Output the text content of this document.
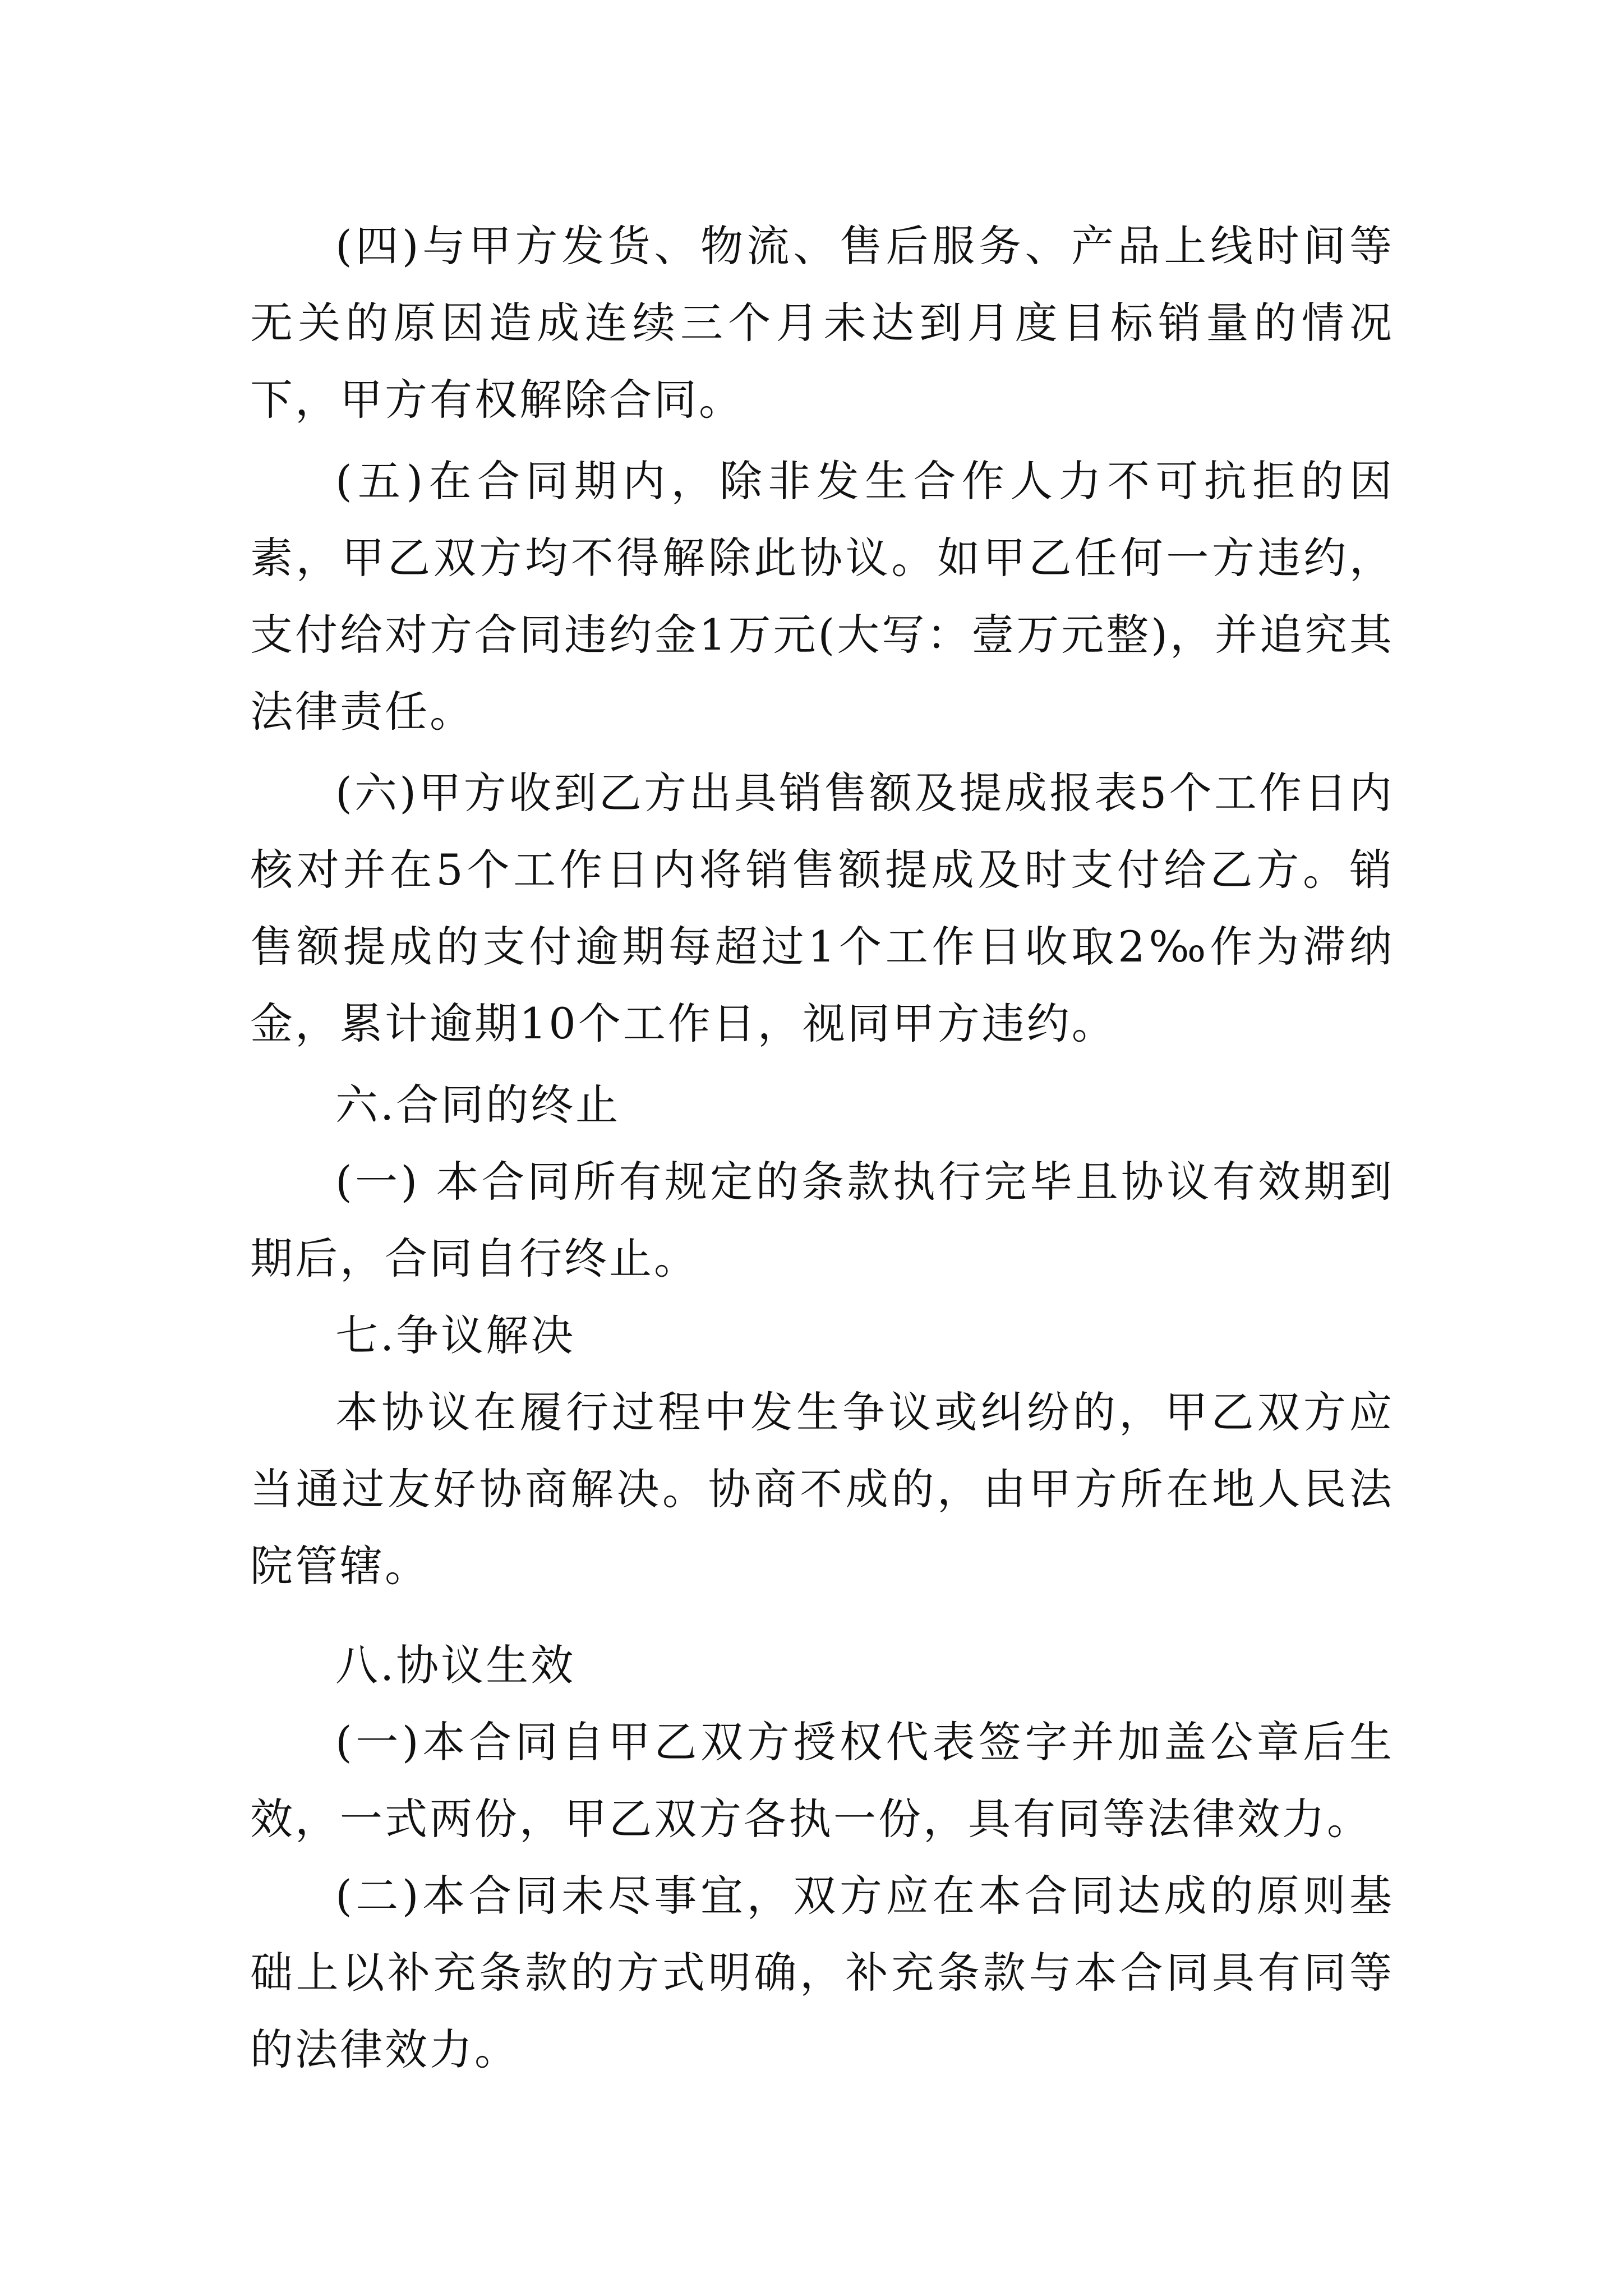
(四)与甲方发货、物流、售后服务、产品上线时间等无关的原因造成连续三个月未达到月度目标销量的情况下，甲方有权解除合同。

(五)在合同期内，除非发生合作人力不可抗拒的因素，甲乙双方均不得解除此协议。如甲乙任何一方违约，支付给对方合同违约金1万元(大写：壹万元整)，并追究其法律责任。

(六)甲方收到乙方出具销售额及提成报表5个工作日内核对并在5个工作日内将销售额提成及时支付给乙方。销售额提成的支付逾期每超过1个工作日收取2‰作为滞纳金，累计逾期10个工作日，视同甲方违约。

六.合同的终止

(一) 本合同所有规定的条款执行完毕且协议有效期到期后，合同自行终止。

七.争议解决

本协议在履行过程中发生争议或纠纷的，甲乙双方应当通过友好协商解决。协商不成的，由甲方所在地人民法院管辖。

八.协议生效

(一)本合同自甲乙双方授权代表签字并加盖公章后生效，一式两份，甲乙双方各执一份，具有同等法律效力。

(二)本合同未尽事宜，双方应在本合同达成的原则基础上以补充条款的方式明确，补充条款与本合同具有同等的法律效力。
